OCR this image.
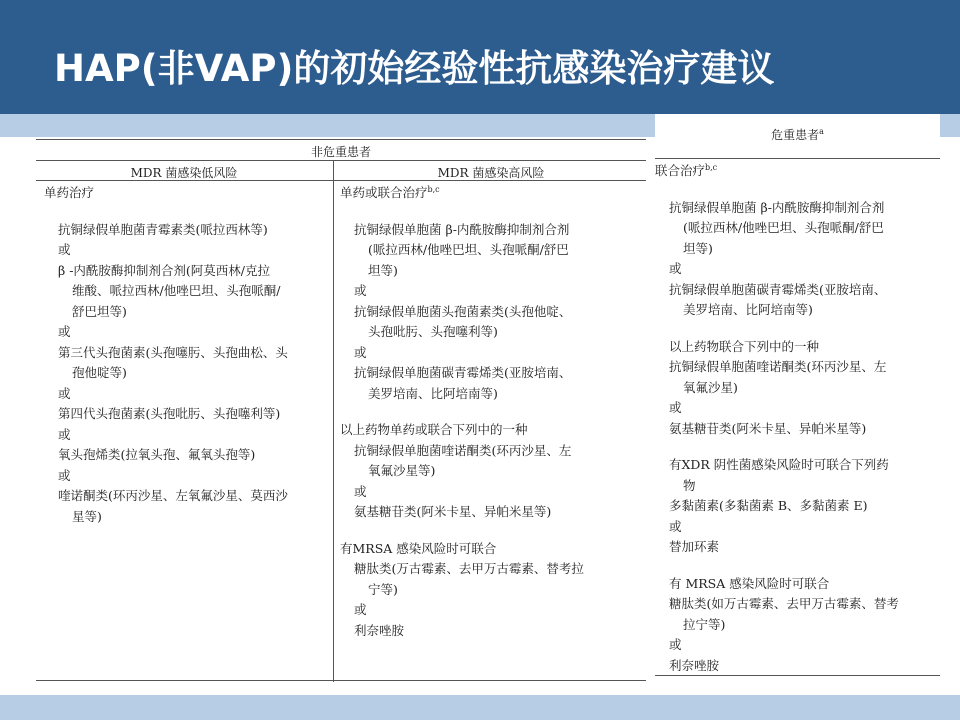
HAP(非VAP)的初始经验性抗感染治疗建议
非危重患者
MDR 菌感染低风险	MDR 菌感染高风险
单药治疗
抗铜绿假单胞菌青霉素类(哌拉西林等)
或
β -内酰胺酶抑制剂合剂(阿莫西林/克拉
维酸、哌拉西林/他唑巴坦、头孢哌酮/
舒巴坦等)
或
第三代头孢菌素(头孢噻肟、头孢曲松、头
孢他啶等)
或
第四代头孢菌素(头孢吡肟、头孢噻利等)
或
氧头孢烯类(拉氧头孢、氟氧头孢等)
或
喹诺酮类(环丙沙星、左氧氟沙星、莫西沙
星等)
单药或联合治疗$^{b,c}$
抗铜绿假单胞菌 β-内酰胺酶抑制剂合剂
(哌拉西林/他唑巴坦、头孢哌酮/舒巴
坦等)
或
抗铜绿假单胞菌头孢菌素类(头孢他啶、
头孢吡肟、头孢噻利等)
或
抗铜绿假单胞菌碳青霉烯类(亚胺培南、
美罗培南、比阿培南等)
以上药物单药或联合下列中的一种
抗铜绿假单胞菌喹诺酮类(环丙沙星、左
氧氟沙星等)
或
氨基糖苷类(阿米卡星、异帕米星等)
有MRSA 感染风险时可联合
糖肽类(万古霉素、去甲万古霉素、替考拉
宁等)
或
利奈唑胺
危重患者$^a$
联合治疗$^{b,c}$
抗铜绿假单胞菌 β-内酰胺酶抑制剂合剂
(哌拉西林/他唑巴坦、头孢哌酮/舒巴
坦等)
或
抗铜绿假单胞菌碳青霉烯类(亚胺培南、
美罗培南、比阿培南等)
以上药物联合下列中的一种
抗铜绿假单胞菌喹诺酮类(环丙沙星、左
氧氟沙星)
或
氨基糖苷类(阿米卡星、异帕米星等)
有XDR 阴性菌感染风险时可联合下列药
物
多黏菌素(多黏菌素 B、多黏菌素 E)
或
替加环素
有 MRSA 感染风险时可联合
糖肽类(如万古霉素、去甲万古霉素、替考
拉宁等)
或
利奈唑胺
